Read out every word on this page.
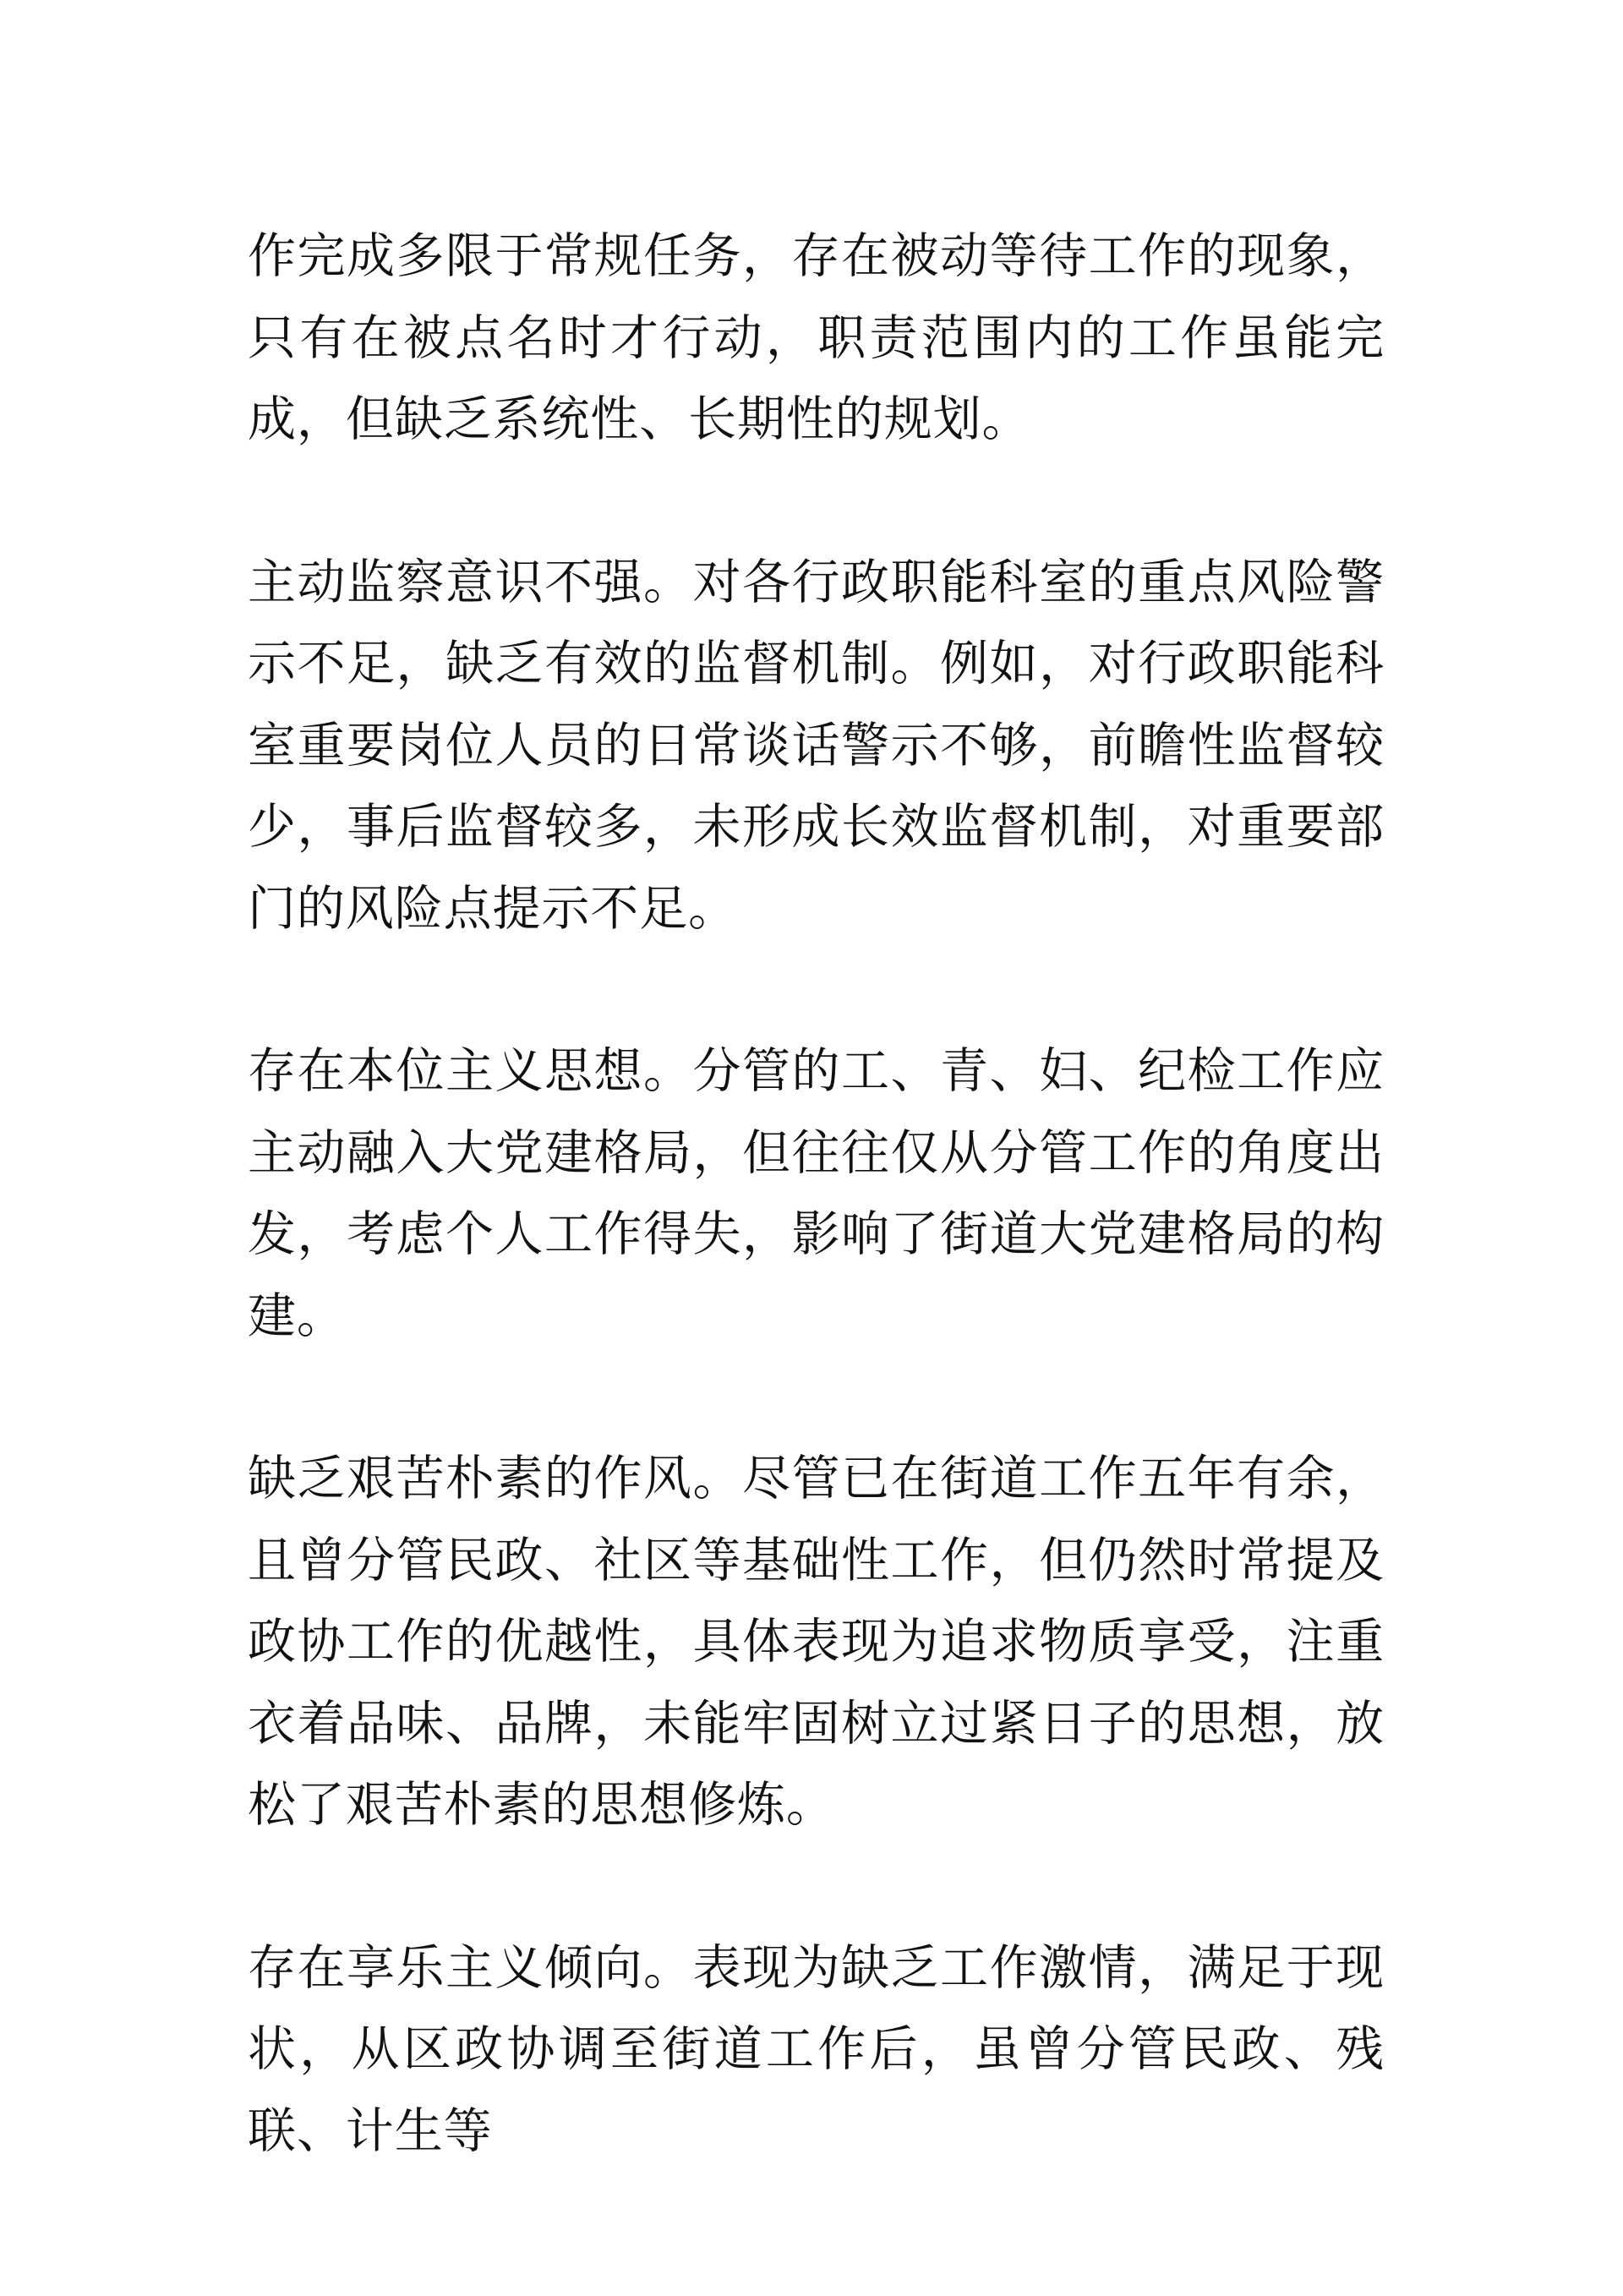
作完成多限于常规任务，存在被动等待工作的现象，只有在被点名时才行动，职责范围内的工作虽能完成，但缺乏系统性、长期性的规划。

主动监察意识不强。对各行政职能科室的重点风险警示不足，缺乏有效的监督机制。例如，对行政职能科室重要岗位人员的日常谈话警示不够，前瞻性监督较少，事后监督较多，未形成长效监督机制，对重要部门的风险点提示不足。

存在本位主义思想。分管的工、青、妇、纪检工作应主动融入大党建格局，但往往仅从分管工作的角度出发，考虑个人工作得失，影响了街道大党建格局的构建。

缺乏艰苦朴素的作风。尽管已在街道工作五年有余，且曾分管民政、社区等基础性工作，但仍然时常提及政协工作的优越性，具体表现为追求物质享受，注重衣着品味、品牌，未能牢固树立过紧日子的思想，放松了艰苦朴素的思想修炼。

存在享乐主义倾向。表现为缺乏工作激情，满足于现状，从区政协调至街道工作后，虽曾分管民政、残联、计生等
